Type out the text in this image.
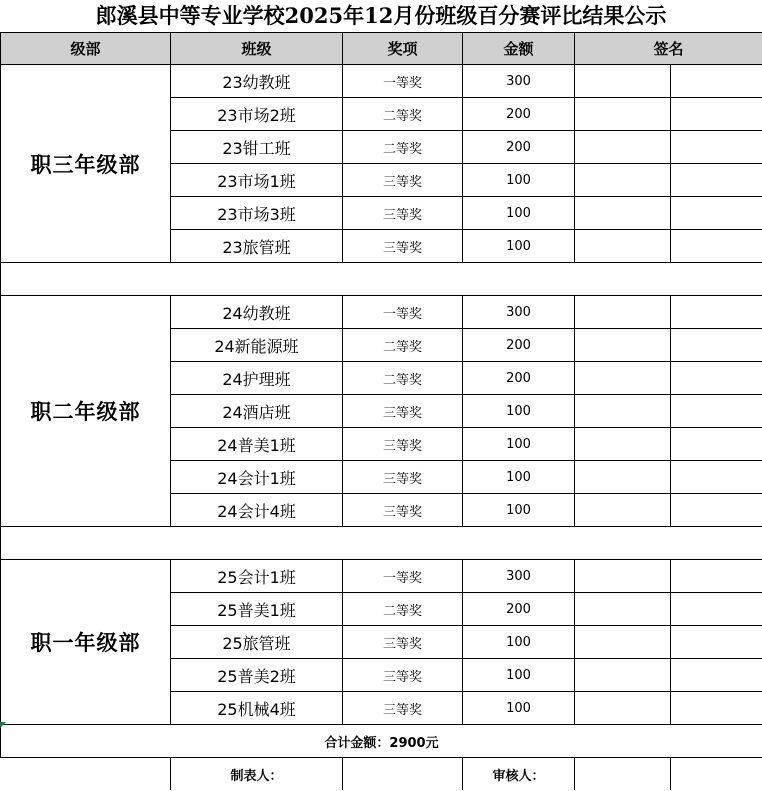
郎溪县中等专业学校2025年12月份班级百分赛评比结果公示
级部	班级	奖项	金额	签名	
职三年级部	23幼教班	一等奖	300		
	23市场2班	二等奖	200		
	23钳工班	二等奖	200		
	23市场1班	三等奖	100		
	23市场3班	三等奖	100		
	23旅管班	三等奖	100		

职二年级部	24幼教班	一等奖	300		
	24新能源班	二等奖	200		
	24护理班	二等奖	200		
	24酒店班	三等奖	100		
	24普美1班	三等奖	100		
	24会计1班	三等奖	100		
	24会计4班	三等奖	100		

职一年级部	25会计1班	一等奖	300		
	25普美1班	二等奖	200		
	25旅管班	三等奖	100		
	25普美2班	三等奖	100		
	25机械4班	三等奖	100		
合计金额：2900元					
	制表人：		审核人：		
